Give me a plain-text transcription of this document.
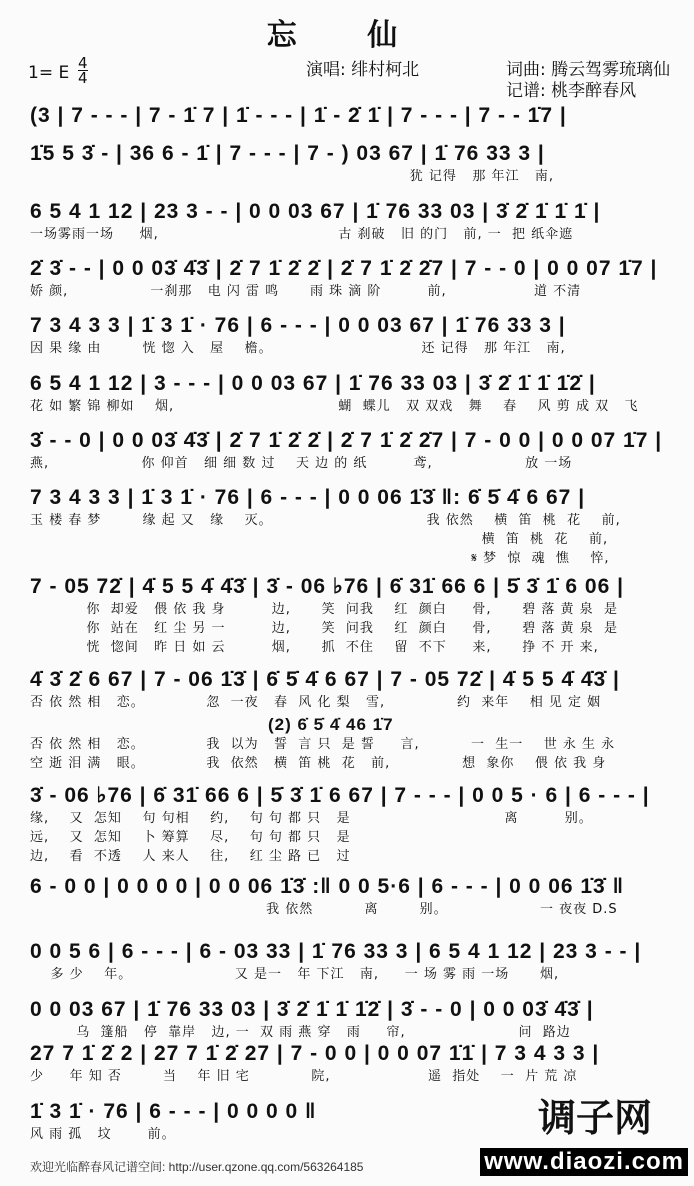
忘 仙
1= E $\frac{4}{4}$	演唱: 绯村柯北	词曲: 腾云驾雾琉璃仙
记谱: 桃李醉春风
(3 | 7 - - - | 7 - 1̇ 7 | 1̇ - - - | 1̇ - 2̇ 1̇ | 7 - - - | 7 - - 1̇7 |
1̇5 5 3̇ - | 36 6 - 1̇ | 7 - - - | 7 - ) 03 67 | 1̇ 76 33 3 |
犹 记得   那 年江   南,
6 5 4 1 12 | 23 3 - - | 0 0 03 67 | 1̇ 76 33 03 | 3̇ 2̇ 1̇ 1̇ 1̇ |
一场雾雨一场     烟,                                   古 刹破   旧 的门   前, 一  把 纸伞遮
2̇ 3̇ - - | 0 0 03̇ 4̇3̇ | 2̇ 7 1̇ 2̇ 2̇ | 2̇ 7 1̇ 2̇ 2̇7 | 7 - - 0 | 0 0 07 1̇7 |
娇 颜,                一刹那   电 闪 雷 鸣      雨 珠 滴 阶         前,                 道 不清
7 3 4 3 3 | 1̇ 3 1̇ · 76 | 6 - - - | 0 0 03 67 | 1̇ 76 33 3 |
因 果 缘 由        恍 惚 入   屋    檐。                             还 记得   那 年江   南,
6 5 4 1 12 | 3 - - - | 0 0 03 67 | 1̇ 76 33 03 | 3̇ 2̇ 1̇ 1̇ 1̇2̇ |
花 如 繁 锦 柳如    烟,                                蝴  蝶儿   双 双戏   舞    春    风 剪 成 双   飞
3̇ - - 0 | 0 0 03̇ 4̇3̇ | 2̇ 7 1̇ 2̇ 2̇ | 2̇ 7 1̇ 2̇ 2̇7 | 7 - 0 0 | 0 0 07 1̇7 |
燕,                  你 仰首   细 细 数 过    天 边 的 纸         鸢,                  放 一场
7 3 4 3 3 | 1̇ 3 1̇ · 76 | 6 - - - | 0 0 06 1̇3̇ ‖: 6̇ 5̇ 4̇ 6 67 |
玉 楼 春 梦        缘 起 又   缘    灭。                              我 依然    横  笛  桃  花    前,
横  笛  桃  花    前,
𝄋 梦  惊  魂  憔    悴,
7 - 05 72̇ | 4̇ 5 5 4̇ 4̇3̇ | 3̇ - 06 ♭76 | 6̇ 31̇ 66 6 | 5̇ 3̇ 1̇ 6 06 |
你  却爱   偎 依 我 身         边,      笑  问我    红  颜白     骨,      碧 落 黄 泉  是
你  站在   红 尘 另 一         边,      笑  问我    红  颜白     骨,      碧 落 黄 泉  是
恍  惚间   昨 日 如 云         烟,      抓  不住    留  不下     来,      挣 不 开 来,
4̇ 3̇ 2̇ 6 67 | 7 - 06 1̇3̇ | 6̇ 5̇ 4̇ 6 67 | 7 - 05 72̇ | 4̇ 5 5 4̇ 4̇3̇ |
否 依 然 相   恋。            忽  一夜   春  风 化 梨   雪,              约  来年    相 见 定 姻
(2) 6̇ 5̇ 4̇ 46 1̇7
否 依 然 相   恋。            我  以为   誓  言 只  是 誓     言,          一  生一    世 永 生 永
空 逝 泪 满   眼。            我  依然   横  笛 桃  花   前,              想  象你    偎 依 我 身
3̇ - 06 ♭76 | 6̇ 31̇ 66 6 | 5̇ 3̇ 1̇ 6 67 | 7 - - - | 0 0 5 · 6 | 6 - - - |
缘,    又  怎知    句 句相    约,    句 句 都 只   是                              离         别。
远,    又  怎知    卜 筹算    尽,    句 句 都 只   是
边,    看  不透    人 来人    往,    红 尘 路 已   过
6 - 0 0 | 0 0 0 0 | 0 0 06 1̇3̇ :‖ 0 0 5·6 | 6 - - - | 0 0 06 1̇3̇ ‖
我 依然          离        别。                  一 夜夜 D.S
0 0 5 6 | 6 - - - | 6 - 03 33 | 1̇ 76 33 3 | 6 5 4 1 12 | 23 3 - - |
多 少    年。                    又 是一   年 下江   南,     一 场 雾 雨 一场      烟,
0 0 03 67 | 1̇ 76 33 03 | 3̇ 2̇ 1̇ 1̇ 1̇2̇ | 3̇ - - 0 | 0 0 03̇ 4̇3̇ |
乌  篷船   停  靠岸   边, 一  双 雨 燕 穿   雨     帘,                      问  路边
27 7 1̇ 2̇ 2 | 27 7 1̇ 2̇ 27 | 7 - 0 0 | 0 0 07 1̇1̇ | 7 3 4 3 3 |
少     年 知 否        当    年 旧 宅            院,                   遥  指处    一  片 荒 凉
1̇ 3 1̇ · 76 | 6 - - - | 0 0 0 0 ‖
风 雨 孤   坟       前。
欢迎光临醉春风记谱空间: http://user.qzone.qq.com/563264185
调子网
www.diaozi.com
